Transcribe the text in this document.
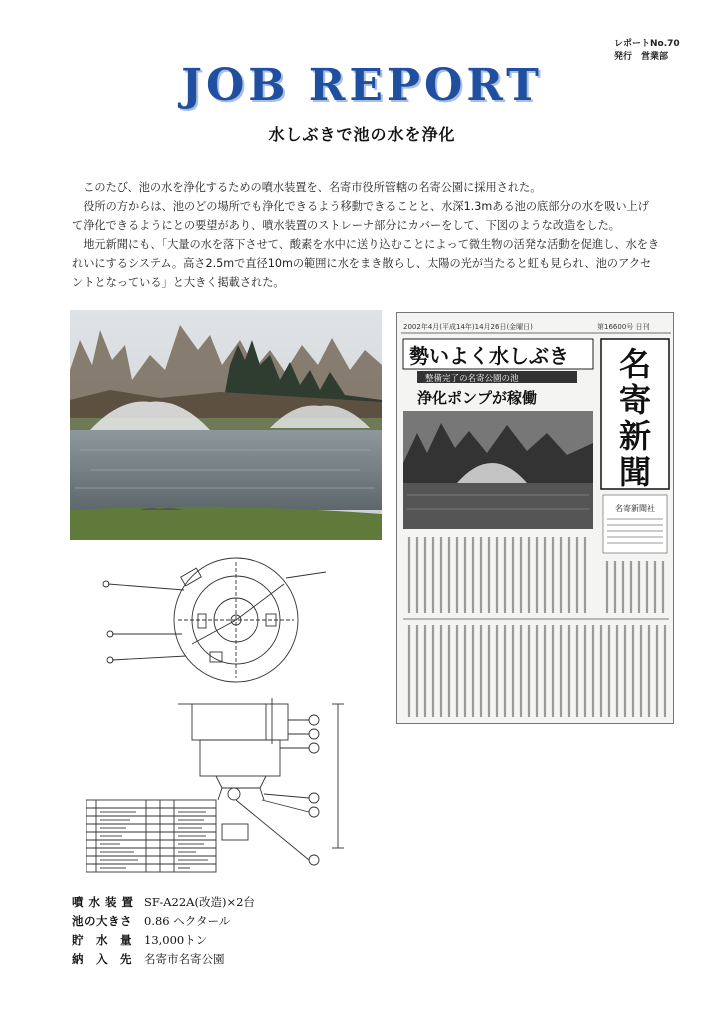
レポートNo.70
発行　営業部
JOB REPORT
水しぶきで池の水を浄化

このたび、池の水を浄化するための噴水装置を、名寄市役所管轄の名寄公園に採用された。

役所の方からは、池のどの場所でも浄化できるよう移動できることと、水深1.3mある池の底部分の水を吸い上げて浄化できるようにとの要望があり、噴水装置のストレーナ部分にカバーをして、下図のような改造をした。

地元新聞にも、「大量の水を落下させて、酸素を水中に送り込むことによって微生物の活発な活動を促進し、水をきれいにするシステム。高さ2.5mで直径10mの範囲に水をまき散らし、太陽の光が当たると虹も見られ、池のアクセントとなっている」と大きく掲載された。

2002年4月(平成14年)14月26日(金曜日)	第16600号 日刊
勢いよく水しぶき
整備完了の名寄公園の池
浄化ポンプが稼働
名
寄
新
聞
名寄新聞社
噴 水 装 置 SF-A22A(改造)×2台
池の大きさ	0.86 ヘクタール
貯　水　量	13,000トン
納　入　先	名寄市名寄公園
